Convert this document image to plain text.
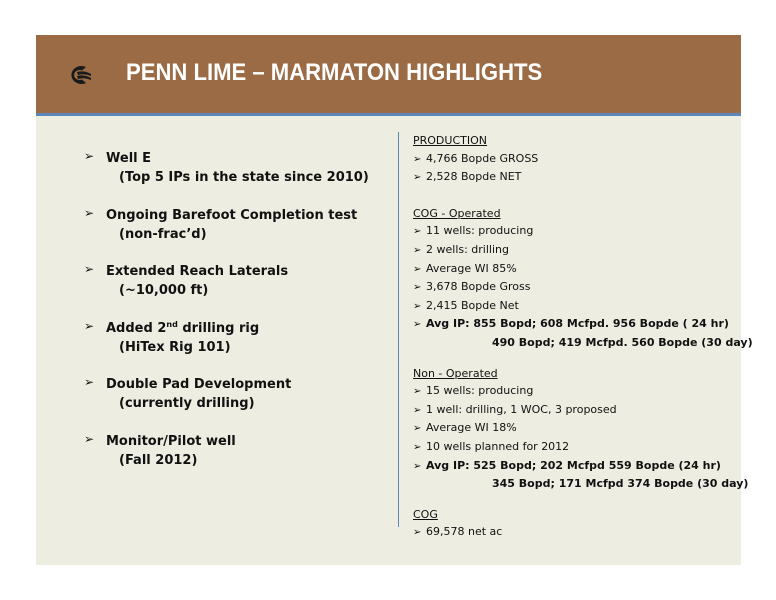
PENN LIME – MARMATON HIGHLIGHTS
➢ Well E
(Top 5 IPs in the state since 2010)
➢ Ongoing Barefoot Completion test
(non-frac’d)
➢ Extended Reach Laterals
(~10,000 ft)
➢ Added 2nd drilling rig
(HiTex Rig 101)
➢ Double Pad Development
(currently drilling)
➢ Monitor/Pilot well
(Fall 2012)
PRODUCTION
➢ 4,766 Bopde GROSS
➢ 2,528 Bopde NET
COG - Operated
➢ 11 wells: producing
➢ 2 wells: drilling
➢ Average WI 85%
➢ 3,678 Bopde Gross
➢ 2,415 Bopde Net
➢ Avg IP: 855 Bopd; 608 Mcfpd. 956 Bopde ( 24 hr)
490 Bopd; 419 Mcfpd. 560 Bopde (30 day)
Non - Operated
➢ 15 wells: producing
➢ 1 well: drilling, 1 WOC, 3 proposed
➢ Average WI 18%
➢ 10 wells planned for 2012
➢ Avg IP: 525 Bopd; 202 Mcfpd 559 Bopde (24 hr)
345 Bopd; 171 Mcfpd 374 Bopde (30 day)
COG
➢ 69,578 net ac
